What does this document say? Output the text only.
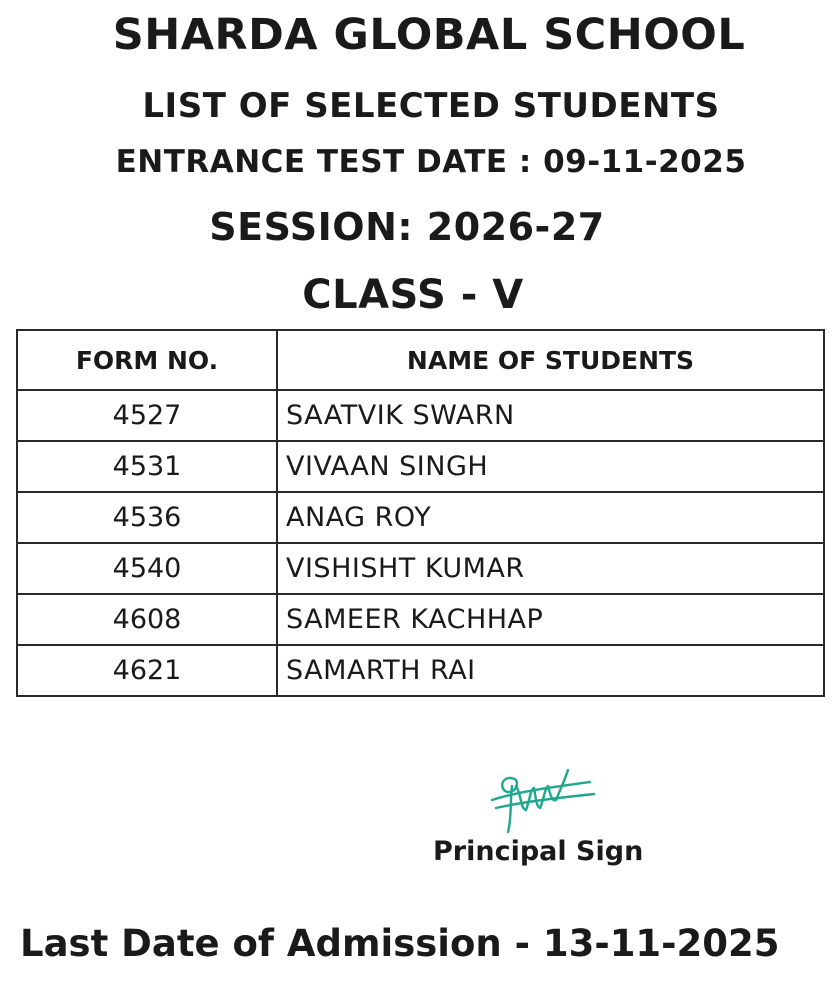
SHARDA GLOBAL SCHOOL
LIST OF SELECTED STUDENTS
ENTRANCE TEST DATE : 09-11-2025
SESSION: 2026-27
CLASS - V
FORM NO.	NAME OF STUDENTS
4527	SAATVIK SWARN
4531	VIVAAN SINGH
4536	ANAG ROY
4540	VISHISHT KUMAR
4608	SAMEER KACHHAP
4621	SAMARTH RAI
Principal Sign
Last Date of Admission - 13-11-2025
